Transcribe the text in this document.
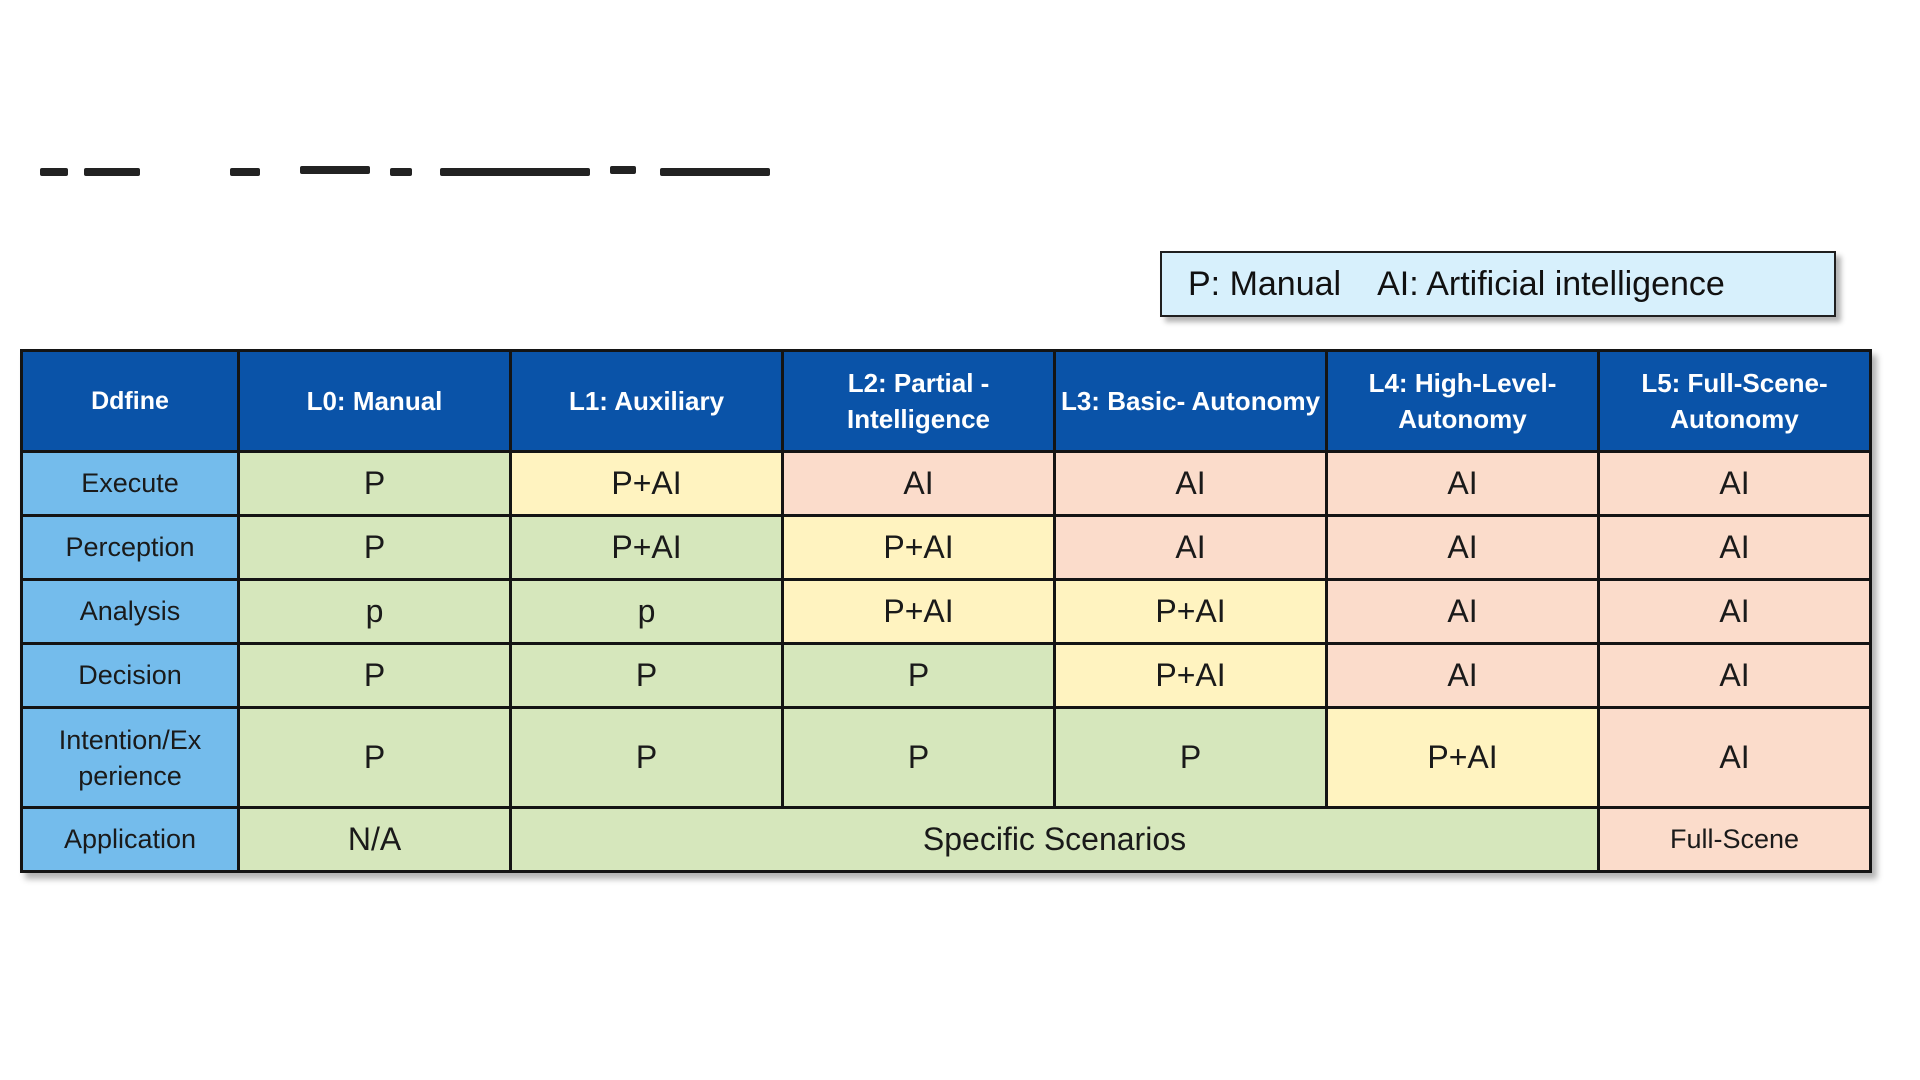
P: Manual AI: Artificial intelligence
Ddfine	L0: Manual	L1: Auxiliary	L2: Partial - Intelligence	L3: Basic- Autonomy	L4: High-Level- Autonomy	L5: Full-Scene- Autonomy
Execute	P	P+AI	AI	AI	AI	AI
Perception	P	P+AI	P+AI	AI	AI	AI
Analysis	p	p	P+AI	P+AI	AI	AI
Decision	P	P	P	P+AI	AI	AI
Intention/Ex perience	P	P	P	P	P+AI	AI
Application	N/A	Specific Scenarios				Full-Scene
